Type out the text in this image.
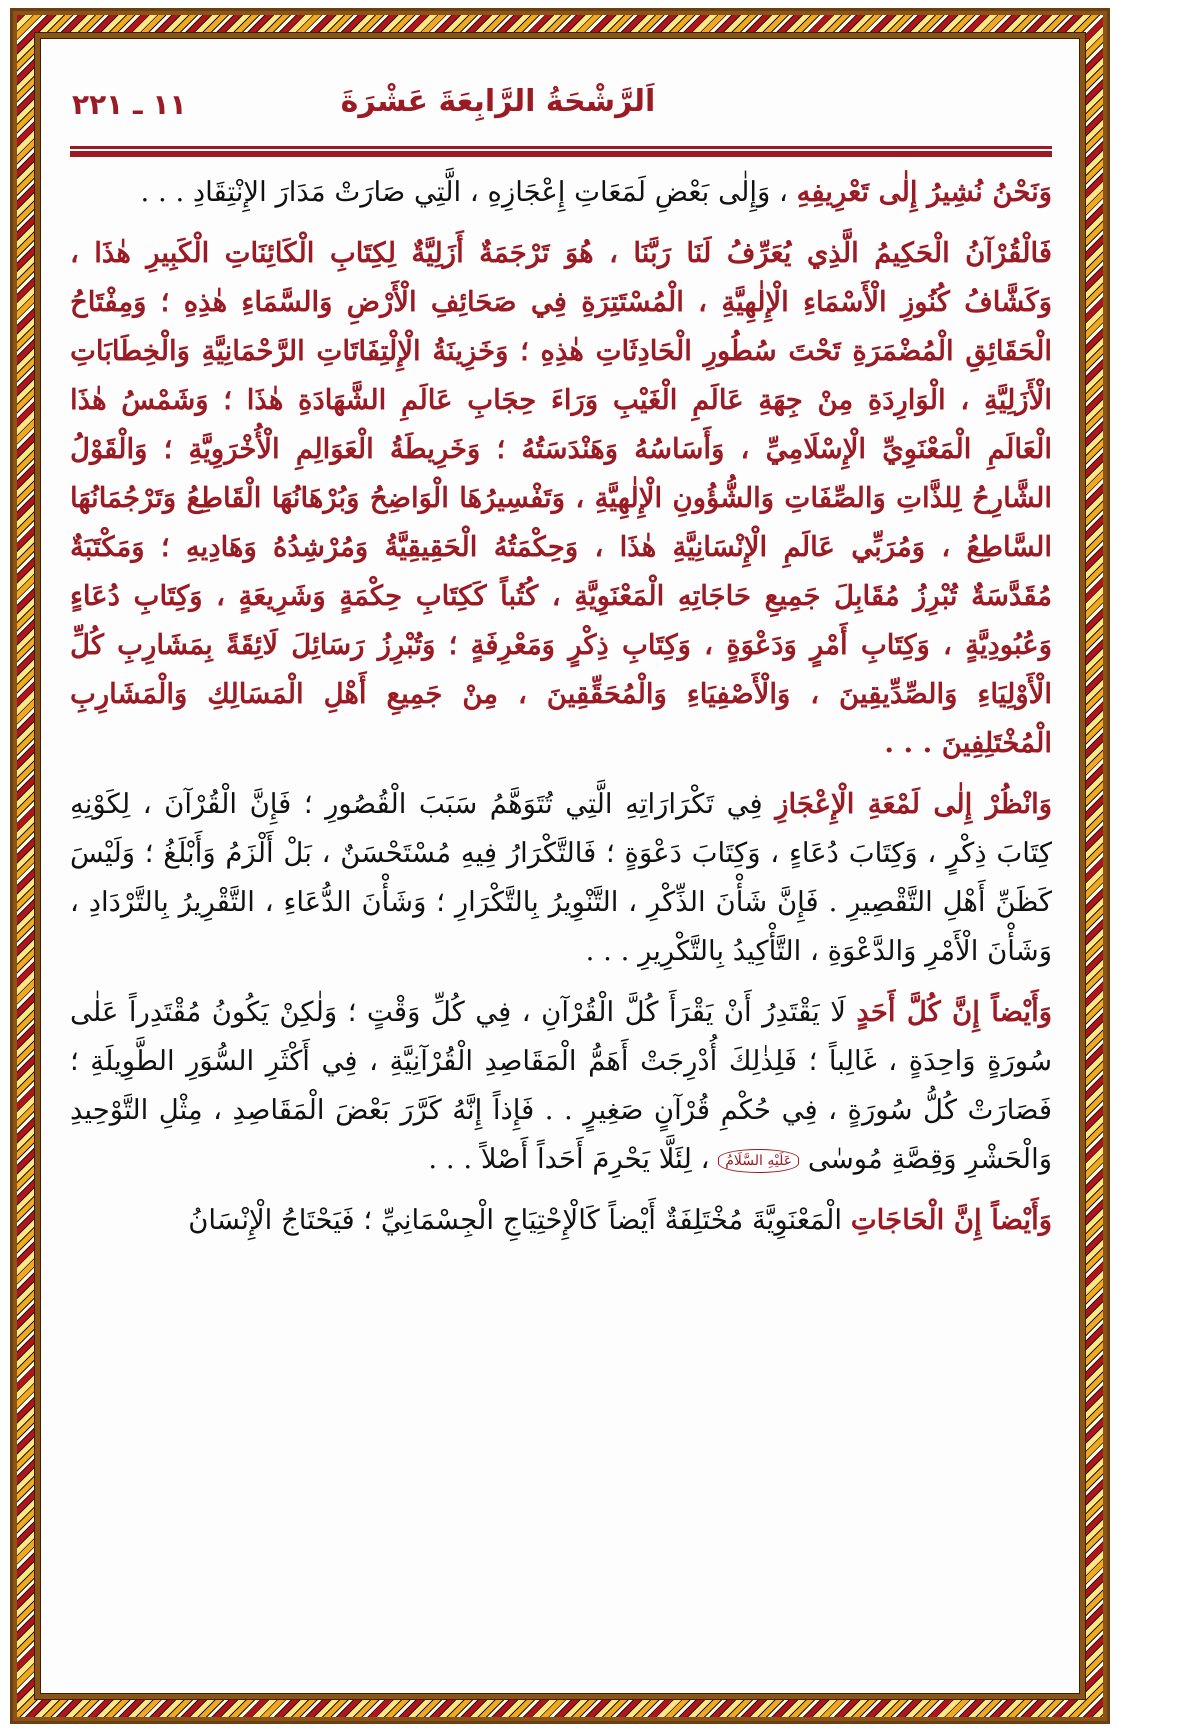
اَلرَّشْحَةُ الرَّابِعَةَ عَشْرَةَ
١١ ـ ٢٢١

وَنَحْنُ نُشِيرُ إِلٰى تَعْرِيفِهِ ، وَإِلٰى بَعْضِ لَمَعَاتِ إِعْجَازِهِ ، الَّتِي صَارَتْ مَدَارَ الإِنْتِقَادِ . . .

فَالْقُرْآنُ الْحَكِيمُ الَّذِي يُعَرِّفُ لَنَا رَبَّنَا ، هُوَ تَرْجَمَةٌ أَزَلِيَّةٌ لِكِتَابِ الْكَائِنَاتِ الْكَبِيرِ هٰذَا ، وَكَشَّافُ كُنُوزِ الْأَسْمَاءِ الْإِلٰهِيَّةِ ، الْمُسْتَتِرَةِ فِي صَحَائِفِ الْأَرْضِ وَالسَّمَاءِ هٰذِهِ ؛ وَمِفْتَاحُ الْحَقَائِقِ الْمُضْمَرَةِ تَحْتَ سُطُورِ الْحَادِثَاتِ هٰذِهِ ؛ وَخَزِينَةُ الْإِلْتِفَاتَاتِ الرَّحْمَانِيَّةِ وَالْخِطَابَاتِ الْأَزَلِيَّةِ ، الْوَارِدَةِ مِنْ جِهَةِ عَالَمِ الْغَيْبِ وَرَاءَ حِجَابِ عَالَمِ الشَّهَادَةِ هٰذَا ؛ وَشَمْسُ هٰذَا الْعَالَمِ الْمَعْنَوِيِّ الْإِسْلَامِيِّ ، وَأَسَاسُهُ وَهَنْدَسَتُهُ ؛ وَخَرِيطَةُ الْعَوَالِمِ الْأُخْرَوِيَّةِ ؛ وَالْقَوْلُ الشَّارِحُ لِلذَّاتِ وَالصِّفَاتِ وَالشُّؤُونِ الْإِلٰهِيَّةِ ، وَتَفْسِيرُهَا الْوَاضِحُ وَبُرْهَانُهَا الْقَاطِعُ وَتَرْجُمَانُهَا السَّاطِعُ ، وَمُرَبِّي عَالَمِ الْإِنْسَانِيَّةِ هٰذَا ، وَحِكْمَتُهُ الْحَقِيقِيَّةُ وَمُرْشِدُهُ وَهَادِيهِ ؛ وَمَكْتَبَةٌ مُقَدَّسَةٌ تُبْرِزُ مُقَابِلَ جَمِيعِ حَاجَاتِهِ الْمَعْنَوِيَّةِ ، كُتُباً كَكِتَابِ حِكْمَةٍ وَشَرِيعَةٍ ، وَكِتَابِ دُعَاءٍ وَعُبُودِيَّةٍ ، وَكِتَابِ أَمْرٍ وَدَعْوَةٍ ، وَكِتَابِ ذِكْرٍ وَمَعْرِفَةٍ ؛ وَتُبْرِزُ رَسَائِلَ لَائِقَةً بِمَشَارِبِ كُلِّ الْأَوْلِيَاءِ وَالصِّدِّيقِينَ ، وَالْأَصْفِيَاءِ وَالْمُحَقِّقِينَ ، مِنْ جَمِيعِ أَهْلِ الْمَسَالِكِ وَالْمَشَارِبِ الْمُخْتَلِفِينَ . . .

وَانْظُرْ إِلٰى لَمْعَةِ الْإِعْجَازِ فِي تَكْرَارَاتِهِ الَّتِي تُتَوَهَّمُ سَبَبَ الْقُصُورِ ؛ فَإِنَّ الْقُرْآنَ ، لِكَوْنِهِ كِتَابَ ذِكْرٍ ، وَكِتَابَ دُعَاءٍ ، وَكِتَابَ دَعْوَةٍ ؛ فَالتَّكْرَارُ فِيهِ مُسْتَحْسَنٌ ، بَلْ أَلْزَمُ وَأَبْلَغُ ؛ وَلَيْسَ كَظَنِّ أَهْلِ التَّقْصِيرِ . فَإِنَّ شَأْنَ الذِّكْرِ ، التَّنْوِيرُ بِالتَّكْرَارِ ؛ وَشَأْنَ الدُّعَاءِ ، التَّقْرِيرُ بِالتَّرْدَادِ ، وَشَأْنَ الْأَمْرِ وَالدَّعْوَةِ ، التَّأْكِيدُ بِالتَّكْرِيرِ . . .

وَأَيْضاً إِنَّ كُلَّ أَحَدٍ لَا يَقْتَدِرُ أَنْ يَقْرَأَ كُلَّ الْقُرْآنِ ، فِي كُلِّ وَقْتٍ ؛ وَلٰكِنْ يَكُونُ مُقْتَدِراً عَلٰى سُورَةٍ وَاحِدَةٍ ، غَالِباً ؛ فَلِذٰلِكَ أُدْرِجَتْ أَهَمُّ الْمَقَاصِدِ الْقُرْآنِيَّةِ ، فِي أَكْثَرِ السُّوَرِ الطَّوِيلَةِ ؛ فَصَارَتْ كُلُّ سُورَةٍ ، فِي حُكْمِ قُرْآنٍ صَغِيرٍ . . فَإِذاً إِنَّهُ كَرَّرَ بَعْضَ الْمَقَاصِدِ ، مِثْلِ التَّوْحِيدِ وَالْحَشْرِ وَقِصَّةِ مُوسٰى عَلَيْهِ السَّلَامُ ، لِئَلَّا يَحْرِمَ أَحَداً أَصْلاً . . .

وَأَيْضاً إِنَّ الْحَاجَاتِ الْمَعْنَوِيَّةَ مُخْتَلِفَةٌ أَيْضاً كَالْإِحْتِيَاجِ الْجِسْمَانِيِّ ؛ فَيَحْتَاجُ الْإِنْسَانُ
